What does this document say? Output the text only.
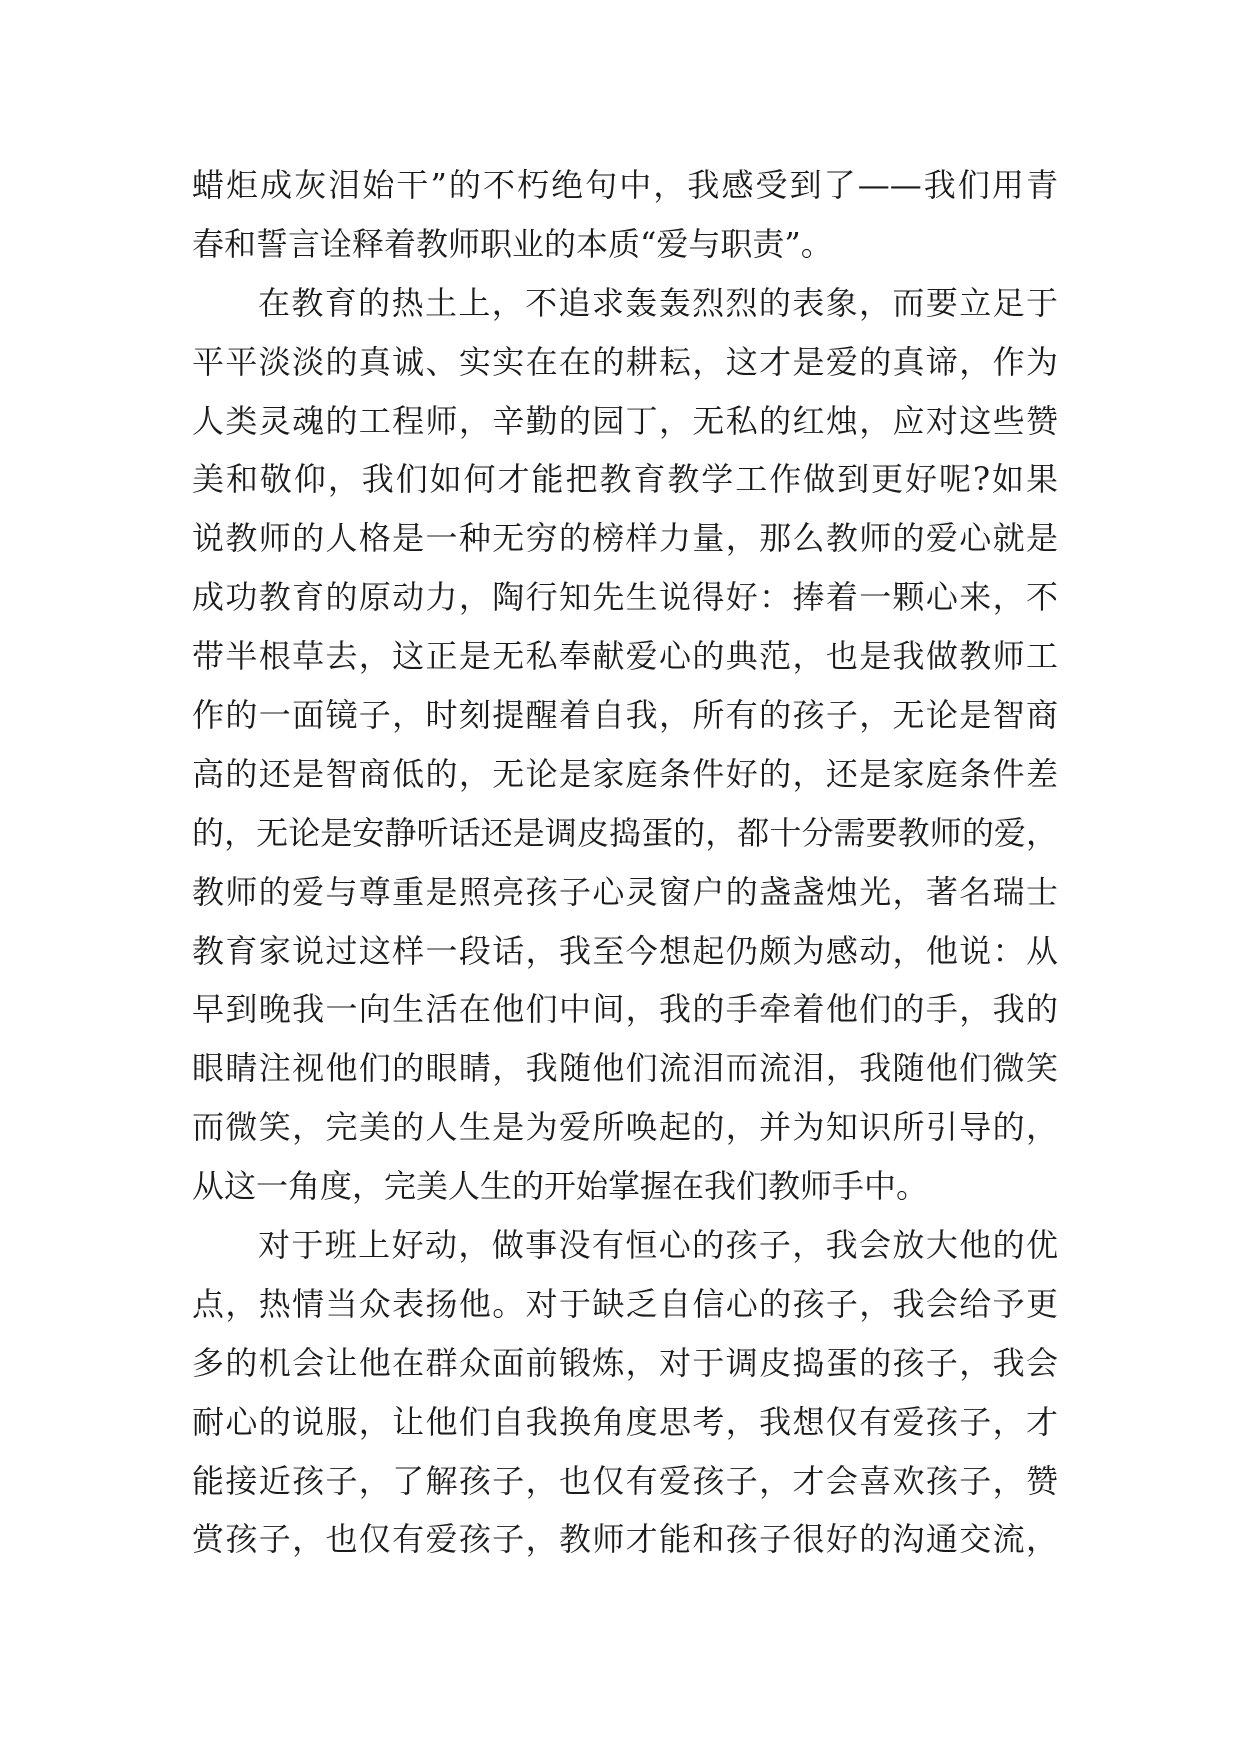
蜡炬成灰泪始干”的不朽绝句中，我感受到了——我们用青
春和誓言诠释着教师职业的本质“爱与职责”。
在教育的热土上，不追求轰轰烈烈的表象，而要立足于
平平淡淡的真诚、实实在在的耕耘，这才是爱的真谛，作为
人类灵魂的工程师，辛勤的园丁，无私的红烛，应对这些赞
美和敬仰，我们如何才能把教育教学工作做到更好呢?如果
说教师的人格是一种无穷的榜样力量，那么教师的爱心就是
成功教育的原动力，陶行知先生说得好：捧着一颗心来，不
带半根草去，这正是无私奉献爱心的典范，也是我做教师工
作的一面镜子，时刻提醒着自我，所有的孩子，无论是智商
高的还是智商低的，无论是家庭条件好的，还是家庭条件差
的，无论是安静听话还是调皮捣蛋的，都十分需要教师的爱，
教师的爱与尊重是照亮孩子心灵窗户的盏盏烛光，著名瑞士
教育家说过这样一段话，我至今想起仍颇为感动，他说：从
早到晚我一向生活在他们中间，我的手牵着他们的手，我的
眼睛注视他们的眼睛，我随他们流泪而流泪，我随他们微笑
而微笑，完美的人生是为爱所唤起的，并为知识所引导的，
从这一角度，完美人生的开始掌握在我们教师手中。
对于班上好动，做事没有恒心的孩子，我会放大他的优
点，热情当众表扬他。对于缺乏自信心的孩子，我会给予更
多的机会让他在群众面前锻炼，对于调皮捣蛋的孩子，我会
耐心的说服，让他们自我换角度思考，我想仅有爱孩子，才
能接近孩子，了解孩子，也仅有爱孩子，才会喜欢孩子，赞
赏孩子，也仅有爱孩子，教师才能和孩子很好的沟通交流，
